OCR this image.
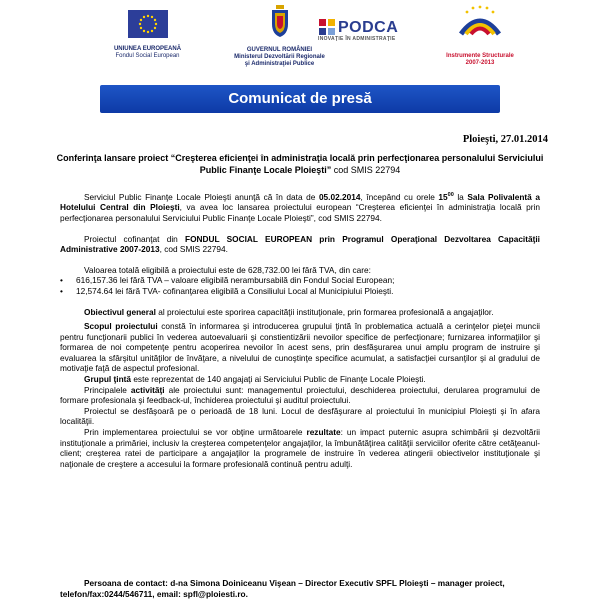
UNIUNEA EUROPEANĂ
Fondul Social European
GUVERNUL ROMÂNIEI
Ministerul Dezvoltării Regionale
şi Administraţiei Publice
PODCA
INOVAŢIE ÎN ADMINISTRAŢIE
Instrumente Structurale
2007-2013
Comunicat de presă
Ploieşti, 27.01.2014
Conferinţa lansare proiect “Creşterea eficienţei în administraţia locală prin perfecţionarea personalului Serviciului Public Finanţe Locale Ploieşti” cod SMIS 22794

Serviciul Public Finanţe Locale Ploieşti anunţă că în data de 05.02.2014, începând cu orele $15^{00}$ la Sala Polivalentă a Hotelului Central din Ploieşti, va avea loc lansarea proiectului european “Creşterea eficienţei în administraţia locală prin perfecţionarea personalului Serviciului Public Finanţe Locale Ploieşti”, cod SMIS 22794.

Proiectul cofinanţat din FONDUL SOCIAL EUROPEAN prin Programul Operaţional Dezvoltarea Capacităţii Administrative 2007-2013, cod SMIS 22794.

Valoarea totală eligibilă a proiectului este de 628,732.00 lei fără TVA, din care:

•	616,157.36 lei fără TVA – valoare eligibilă nerambursabilă din Fondul Social European;

•	12,574.64 lei fără TVA- cofinanţarea eligibilă a Consiliului Local al Municipiului Ploieşti.

Obiectivul general al proiectului este sporirea capacităţii instituţionale, prin formarea profesională a angajaţilor.

Scopul proiectului constă în informarea şi introducerea grupului ţintă în problematica actuală a cerinţelor pieţei muncii pentru funcţionarii publici în vederea autoevaluarii şi constientizării nevoilor specifice de perfecţionare; furnizarea informaţiilor şi formarea de noi competenţe pentru acoperirea nevoilor în acest sens, prin desfăşurarea unui amplu program de instruire şi evaluarea la sfârşitul unităţilor de învăţare, a nivelului de cunoştinţe specifice acumulat, a satisfacţiei cursanţilor şi al gradului de motivaţie faţă de aspectul profesional.

Grupul ţintă este reprezentat de 140 angajaţi ai Serviciului Public de Finanţe Locale Ploieşti.

Principalele activităţi ale proiectului sunt: managementul proiectului, deschiderea proiectului, derularea programului de formare profesionala şi feedback-ul, închiderea proiectului şi auditul proiectului.

Proiectul se desfăşoară pe o perioadă de 18 luni. Locul de desfăşurare al proiectului în municipiul Ploieşti şi în afara localităţii.

Prin implementarea proiectului se vor obţine următoarele rezultate: un impact puternic asupra schimbării şi dezvoltării instituţionale a primăriei, inclusiv la creşterea competenţelor angajaţilor, la îmbunătăţirea calităţii serviciilor oferite către cetăţeanul-client; creşterea ratei de participare a angajaţilor la programele de instruire în vederea atingerii obiectivelor instituţionale şi naţionale de creştere a accesului la formare profesională continuă pentru adulţi.

Persoana de contact: d-na Simona Doiniceanu Vişean – Director Executiv SPFL Ploieşti – manager proiect, telefon/fax:0244/546711, email: spfl@ploiesti.ro.
